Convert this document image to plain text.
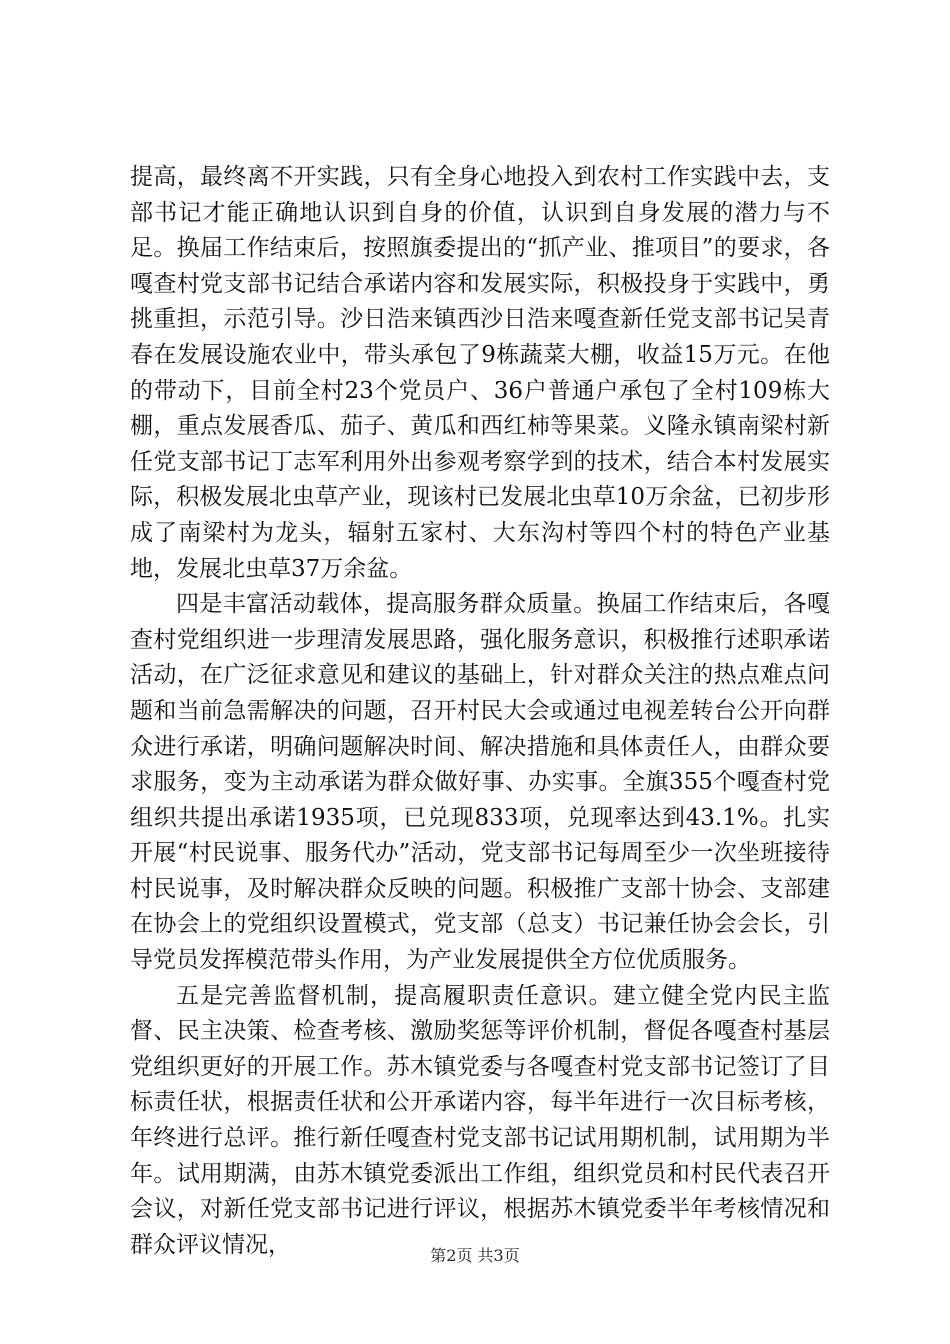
提高，最终离不开实践，只有全身心地投入到农村工作实践中去，支部书记才能正确地认识到自身的价值，认识到自身发展的潜力与不足。换届工作结束后，按照旗委提出的“抓产业、推项目”的要求，各嘎查村党支部书记结合承诺内容和发展实际，积极投身于实践中，勇挑重担，示范引导。沙日浩来镇西沙日浩来嘎查新任党支部书记吴青春在发展设施农业中，带头承包了9栋蔬菜大棚，收益15万元。在他的带动下，目前全村23个党员户、36户普通户承包了全村109栋大棚，重点发展香瓜、茄子、黄瓜和西红柿等果菜。义隆永镇南梁村新任党支部书记丁志军利用外出参观考察学到的技术，结合本村发展实际，积极发展北虫草产业，现该村已发展北虫草10万余盆，已初步形成了南梁村为龙头，辐射五家村、大东沟村等四个村的特色产业基地，发展北虫草37万余盆。

四是丰富活动载体，提高服务群众质量。换届工作结束后，各嘎查村党组织进一步理清发展思路，强化服务意识，积极推行述职承诺活动，在广泛征求意见和建议的基础上，针对群众关注的热点难点问题和当前急需解决的问题，召开村民大会或通过电视差转台公开向群众进行承诺，明确问题解决时间、解决措施和具体责任人，由群众要求服务，变为主动承诺为群众做好事、办实事。全旗355个嘎查村党组织共提出承诺1935项，已兑现833项，兑现率达到43.1%。扎实开展“村民说事、服务代办”活动，党支部书记每周至少一次坐班接待村民说事，及时解决群众反映的问题。积极推广支部十协会、支部建在协会上的党组织设置模式，党支部（总支）书记兼任协会会长，引导党员发挥模范带头作用，为产业发展提供全方位优质服务。

五是完善监督机制，提高履职责任意识。建立健全党内民主监督、民主决策、检查考核、激励奖惩等评价机制，督促各嘎查村基层党组织更好的开展工作。苏木镇党委与各嘎查村党支部书记签订了目标责任状，根据责任状和公开承诺内容，每半年进行一次目标考核，年终进行总评。推行新任嘎查村党支部书记试用期机制，试用期为半年。试用期满，由苏木镇党委派出工作组，组织党员和村民代表召开会议，对新任党支部书记进行评议，根据苏木镇党委半年考核情况和群众评议情况，	第2页 共3页
